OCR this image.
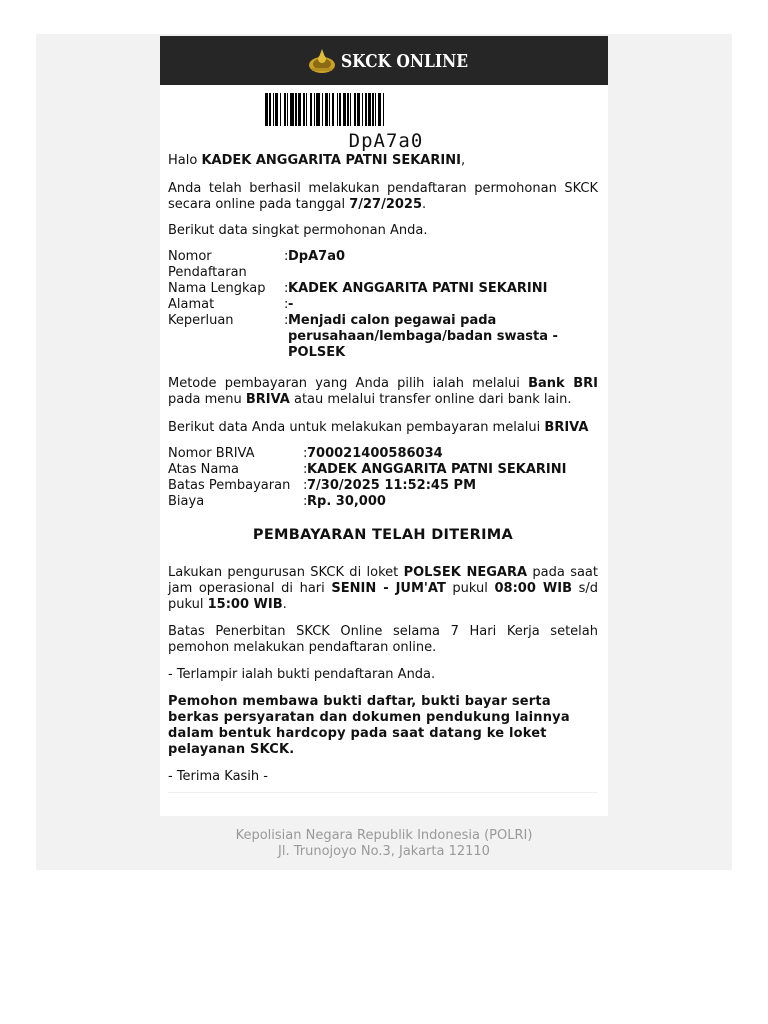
SKCK ONLINE
DpA7a0

Halo KADEK ANGGARITA PATNI SEKARINI,

Anda telah berhasil melakukan pendaftaran permohonan SKCK secara online pada tanggal 7/27/2025.

Berikut data singkat permohonan Anda.

Nomor Pendaftaran
: DpA7a0
Nama Lengkap	: KADEK ANGGARITA PATNI SEKARINI
Alamat	: -
Keperluan	: Menjadi calon pegawai pada perusahaan/lembaga/badan swasta - POLSEK

Metode pembayaran yang Anda pilih ialah melalui Bank BRI pada menu BRIVA atau melalui transfer online dari bank lain.

Berikut data Anda untuk melakukan pembayaran melalui BRIVA

Nomor BRIVA	: 700021400586034
Atas Nama	: KADEK ANGGARITA PATNI SEKARINI
Batas Pembayaran : 7/30/2025 11:52:45 PM
Biaya	: Rp. 30,000

PEMBAYARAN TELAH DITERIMA

Lakukan pengurusan SKCK di loket POLSEK NEGARA pada saat jam operasional di hari SENIN - JUM'AT pukul 08:00 WIB s/d pukul 15:00 WIB.

Batas Penerbitan SKCK Online selama 7 Hari Kerja setelah pemohon melakukan pendaftaran online.

- Terlampir ialah bukti pendaftaran Anda.

Pemohon membawa bukti daftar, bukti bayar serta berkas persyaratan dan dokumen pendukung lainnya dalam bentuk hardcopy pada saat datang ke loket pelayanan SKCK.

- Terima Kasih -

Kepolisian Negara Republik Indonesia (POLRI)
Jl. Trunojoyo No.3, Jakarta 12110
